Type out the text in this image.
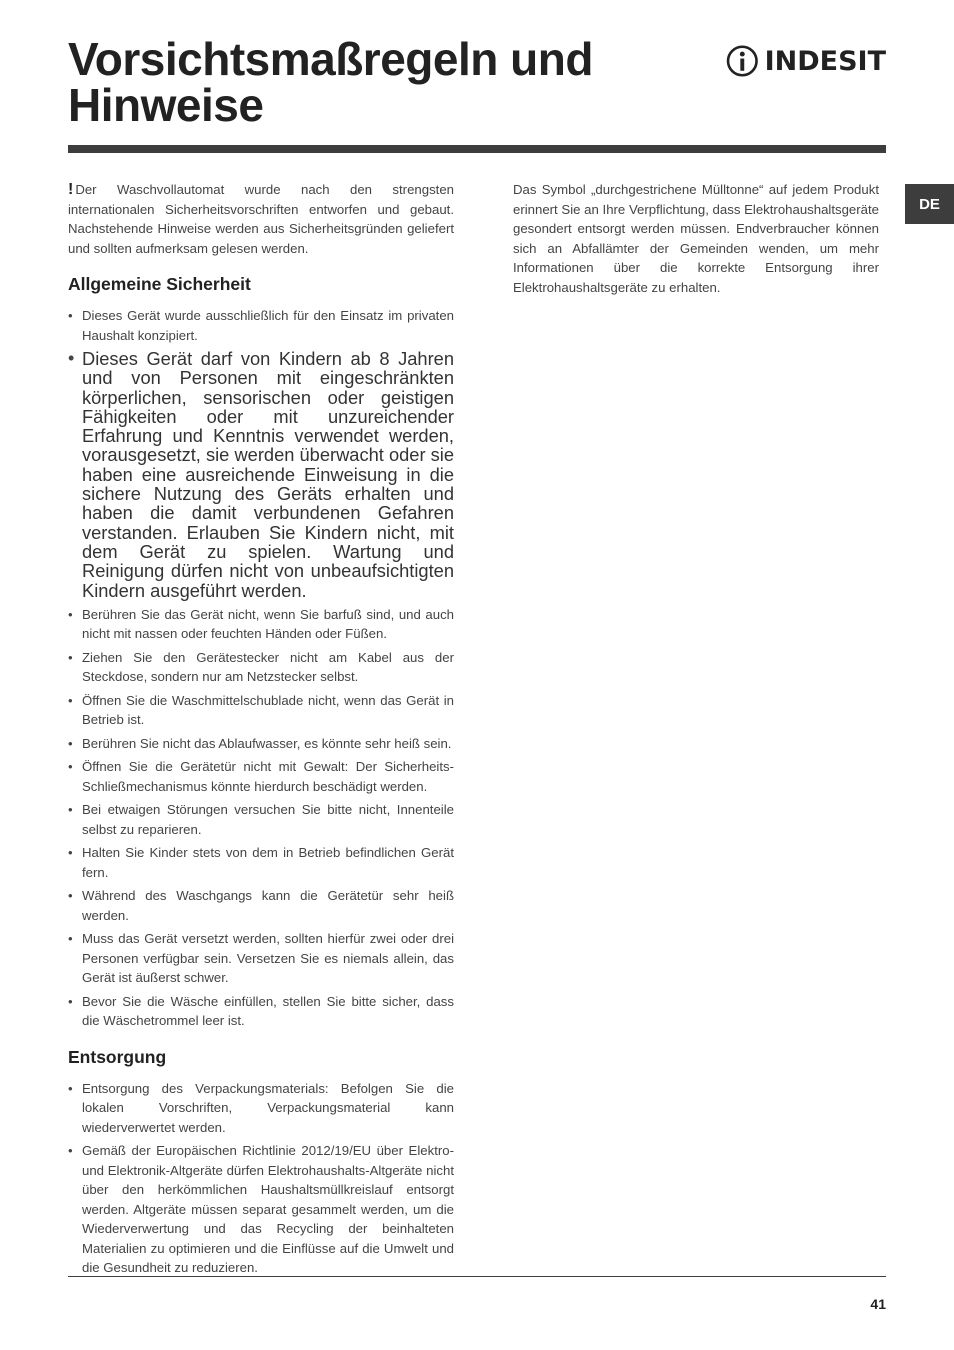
Vorsichtsmaßregeln und Hinweise
INDESIT
DE

! Der Waschvollautomat wurde nach den strengsten internationalen Sicherheitsvorschriften entworfen und gebaut. Nachstehende Hinweise werden aus Sicherheitsgründen geliefert und sollten aufmerksam gelesen werden.

Allgemeine Sicherheit
• Dieses Gerät wurde ausschließlich für den Einsatz im privaten Haushalt konzipiert.
• Dieses Gerät darf von Kindern ab 8 Jahren und von Personen mit eingeschränkten körperlichen, sensorischen oder geistigen Fähigkeiten oder mit unzureichender Erfahrung und Kenntnis verwendet werden, vorausgesetzt, sie werden überwacht oder sie haben eine ausreichende Einweisung in die sichere Nutzung des Geräts erhalten und haben die damit verbundenen Gefahren verstanden. Erlauben Sie Kindern nicht, mit dem Gerät zu spielen. Wartung und Reinigung dürfen nicht von unbeaufsichtigten Kindern ausgeführt werden.
• Berühren Sie das Gerät nicht, wenn Sie barfuß sind, und auch nicht mit nassen oder feuchten Händen oder Füßen.
• Ziehen Sie den Gerätestecker nicht am Kabel aus der Steckdose, sondern nur am Netzstecker selbst.
• Öffnen Sie die Waschmittelschublade nicht, wenn das Gerät in Betrieb ist.
• Berühren Sie nicht das Ablaufwasser, es könnte sehr heiß sein.
• Öffnen Sie die Gerätetür nicht mit Gewalt: Der Sicherheits-Schließmechanismus könnte hierdurch beschädigt werden.
• Bei etwaigen Störungen versuchen Sie bitte nicht, Innenteile selbst zu reparieren.
• Halten Sie Kinder stets von dem in Betrieb befindlichen Gerät fern.
• Während des Waschgangs kann die Gerätetür sehr heiß werden.
• Muss das Gerät versetzt werden, sollten hierfür zwei oder drei Personen verfügbar sein. Versetzen Sie es niemals allein, das Gerät ist äußerst schwer.
• Bevor Sie die Wäsche einfüllen, stellen Sie bitte sicher, dass die Wäschetrommel leer ist.
Entsorgung
• Entsorgung des Verpackungsmaterials: Befolgen Sie die lokalen Vorschriften, Verpackungsmaterial kann wiederverwertet werden.
• Gemäß der Europäischen Richtlinie 2012/19/EU über Elektro- und Elektronik-Altgeräte dürfen Elektrohaushalts-Altgeräte nicht über den herkömmlichen Haushaltsmüllkreislauf entsorgt werden. Altgeräte müssen separat gesammelt werden, um die Wiederverwertung und das Recycling der beinhalteten Materialien zu optimieren und die Einflüsse auf die Umwelt und die Gesundheit zu reduzieren.

Das Symbol „durchgestrichene Mülltonne“ auf jedem Produkt erinnert Sie an Ihre Verpflichtung, dass Elektrohaushaltsgeräte gesondert entsorgt werden müssen. Endverbraucher können sich an Abfallämter der Gemeinden wenden, um mehr Informationen über die korrekte Entsorgung ihrer Elektrohaushaltsgeräte zu erhalten.

41
